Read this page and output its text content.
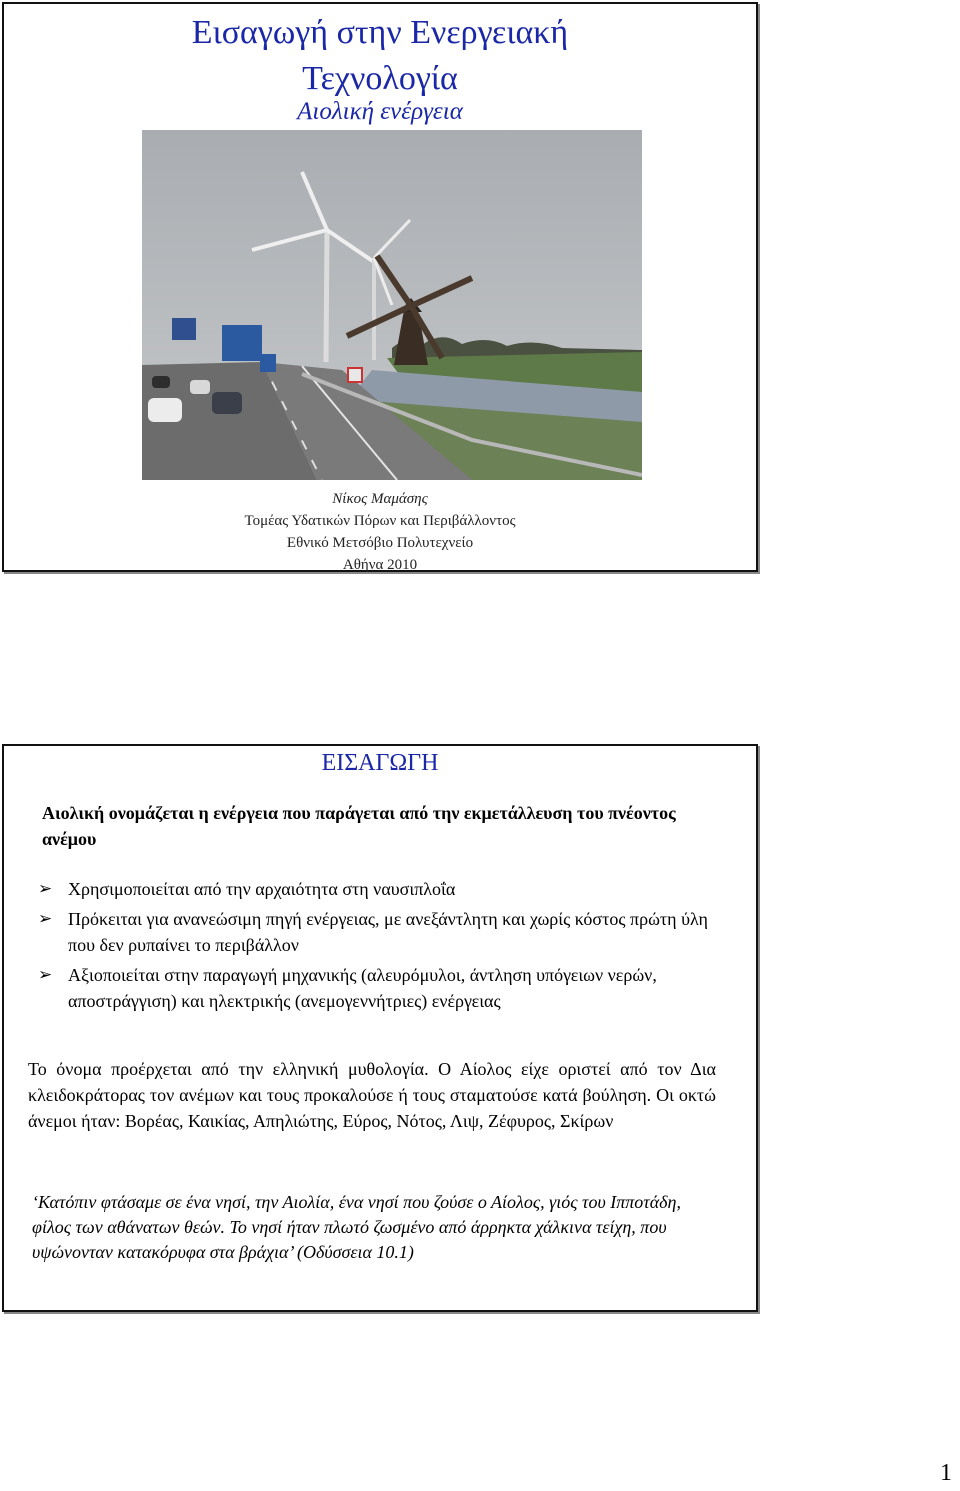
Εισαγωγή στην Ενεργειακή
Τεχνολογία
Αιολική ενέργεια
Νίκος Μαμάσης
Τομέας Υδατικών Πόρων και Περιβάλλοντος
Εθνικό Μετσόβιο Πολυτεχνείο
Αθήνα 2010
ΕΙΣΑΓΩΓΗ
Αιολική ονομάζεται η ενέργεια που παράγεται από την εκμετάλλευση του πνέοντος ανέμου
➢ Χρησιμοποιείται από την αρχαιότητα στη ναυσιπλοΐα
➢ Πρόκειται για ανανεώσιμη πηγή ενέργειας, με ανεξάντλητη και χωρίς κόστος πρώτη ύλη που δεν ρυπαίνει το περιβάλλον
➢ Αξιοποιείται στην παραγωγή μηχανικής (αλευρόμυλοι, άντληση υπόγειων νερών, αποστράγγιση) και ηλεκτρικής (ανεμογεννήτριες) ενέργειας
Το όνομα προέρχεται από την ελληνική μυθολογία. Ο Αίολος είχε οριστεί από τον Δια κλειδοκράτορας τον ανέμων και τους προκαλούσε ή τους σταματούσε κατά βούληση. Οι οκτώ άνεμοι ήταν: Βορέας, Καικίας, Απηλιώτης, Εύρος, Νότος, Λιψ, Ζέφυρος, Σκίρων
‘Κατόπιν φτάσαμε σε ένα νησί, την Αιολία, ένα νησί που ζούσε ο Αίολος, γιός του Ιπποτάδη, φίλος των αθάνατων θεών. Το νησί ήταν πλωτό ζωσμένο από άρρηκτα χάλκινα τείχη, που υψώνονταν κατακόρυφα στα βράχια’ (Οδύσσεια 10.1)
1
